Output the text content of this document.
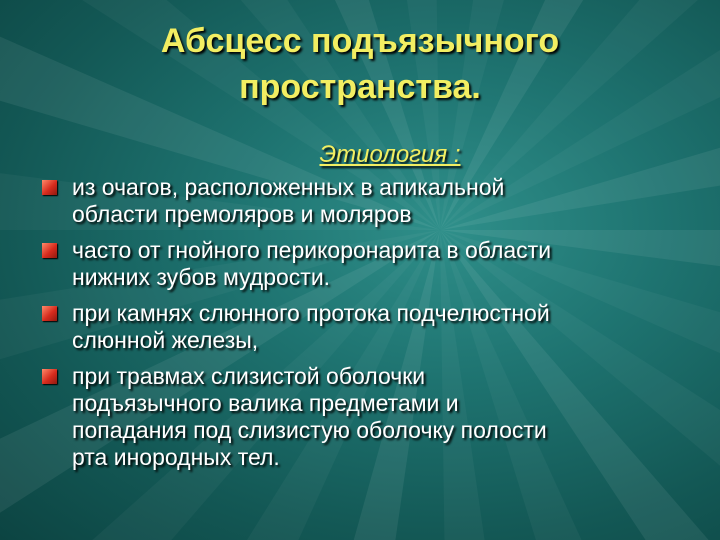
Абсцесс подъязычного
пространства.
Этиология :
из очагов, расположенных в апикальной
области премоляров и моляров
часто от гнойного перикоронарита в области
нижних зубов мудрости.
при камнях слюнного протока подчелюстной
слюнной железы,
при травмах слизистой оболочки
подъязычного валика предметами и
попадания под слизистую оболочку полости
рта инородных тел.
